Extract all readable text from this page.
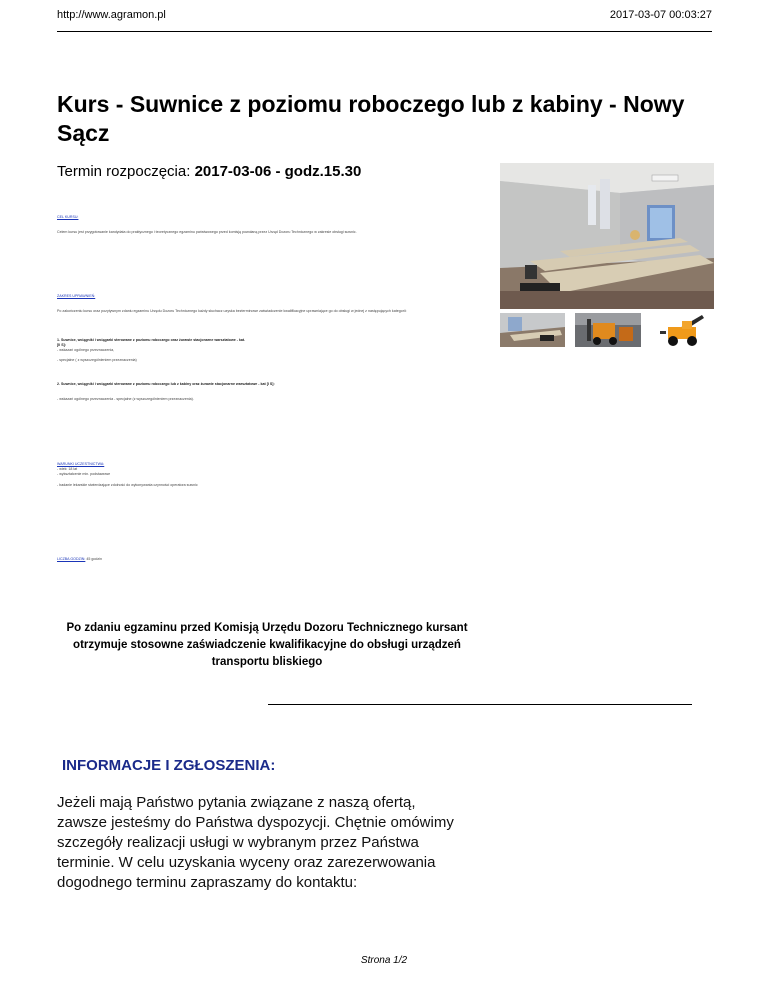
http://www.agramon.pl	2017-03-07 00:03:27
Kurs - Suwnice z poziomu roboczego lub z kabiny - Nowy Sącz
Termin rozpoczęcia: 2017-03-06 - godz.15.30
CEL KURSU:
Celem kursu jest przygotowanie kandydata do praktycznego i teoretycznego egzaminu państwowego przed komisją powołaną przez Urząd Dozoru Technicznego w zakresie obsługi suwnic.
ZAKRES UPRAWNIEŃ:
Po zakończeniu kursu oraz pozytywnym zdaniu egzaminu Urzędu Dozoru Technicznego każdy słuchacz uzyska bezterminowe zaświadczenie kwalifikacyjne uprawniające go do obsługi w jednej z następujących kategorii:
1. Suwnice, wciągniki i wciągarki sterowane z poziomu roboczego oraz żurawie stacjonarne warsztatowe - kat. [II S]:
- wskazań ogólnego przeznaczenia,
- specjalne ( z wyszczególnieniem przeznaczenia)
2. Suwnice, wciągniki i wciągarki sterowane z poziomu roboczego lub z kabiny oraz żurawie stacjonarne warsztatowe - kat [I S]:
- wskazań ogólnego przeznaczenia - specjalne (z wyszczególnieniem przeznaczenia).
WARUNKI UCZESTNICTWA:
- wiek: 18 lat
- wykształcenie min. podstawowe
- badanie lekarskie stwierdzające zdolność do wykonywania czynności operatora suwnic
LICZBA GODZIN: 45 godzin
Po zdaniu egzaminu przed Komisją Urzędu Dozoru Technicznego kursant otrzymuje stosowne zaświadczenie kwalifikacyjne do obsługi urządzeń transportu bliskiego
INFORMACJE I ZGŁOSZENIA:
Jeżeli mają Państwo pytania związane z naszą ofertą, zawsze jesteśmy do Państwa dyspozycji. Chętnie omówimy szczegóły realizacji usługi w wybranym przez Państwa terminie. W celu uzyskania wyceny oraz zarezerwowania dogodnego terminu zapraszamy do kontaktu:
Strona 1/2
